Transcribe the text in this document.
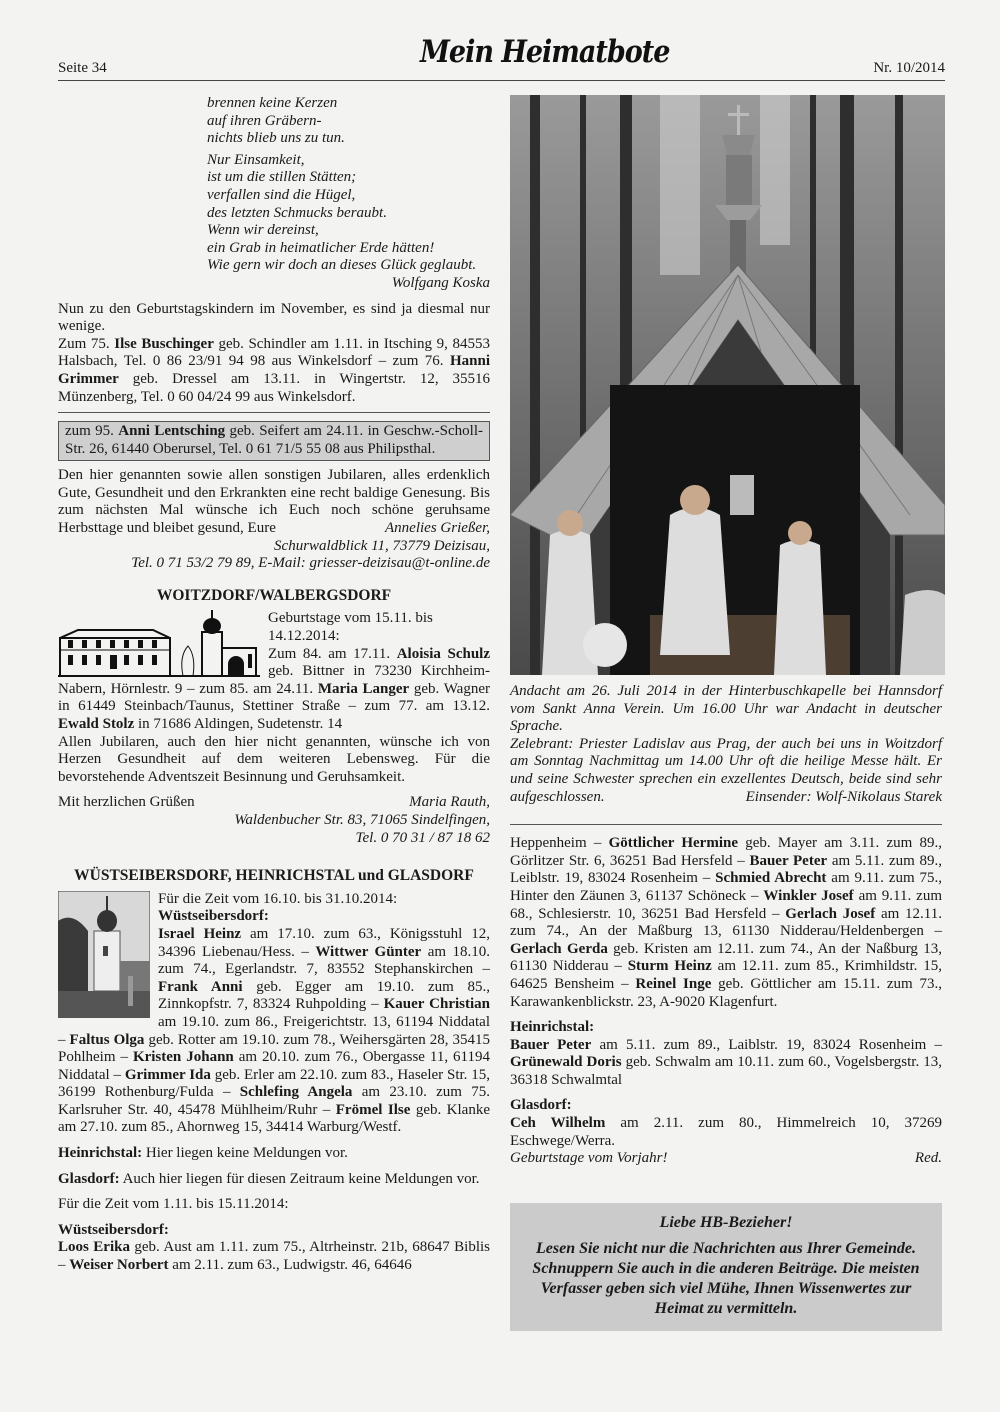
Seite 34	Mein Heimatbote	Nr. 10/2014
brennen keine Kerzen
auf ihren Gräbern-
nichts blieb uns zu tun.
Nur Einsamkeit,
ist um die stillen Stätten;
verfallen sind die Hügel,
des letzten Schmucks beraubt.
Wenn wir dereinst,
ein Grab in heimatlicher Erde hätten!
Wie gern wir doch an dieses Glück geglaubt.
Wolfgang Koska

Nun zu den Geburtstagskindern im November, es sind ja diesmal nur wenige.

Zum 75. Ilse Buschinger geb. Schindler am 1.11. in Itsching 9, 84553 Halsbach, Tel. 0 86 23/91 94 98 aus Winkelsdorf – zum 76. Hanni Grimmer geb. Dressel am 13.11. in Wingertstr. 12, 35516 Münzenberg, Tel. 0 60 04/24 99 aus Winkelsdorf.

zum 95. Anni Lentsching geb. Seifert am 24.11. in Geschw.-Scholl-Str. 26, 61440 Oberursel, Tel. 0 61 71/5 55 08 aus Philipsthal.

Den hier genannten sowie allen sonstigen Jubilaren, alles erdenklich Gute, Gesundheit und den Erkrankten eine recht baldige Genesung. Bis zum nächsten Mal wünsche ich Euch noch schöne geruhsame Herbsttage und bleibet gesund, Eure	Annelies Grießer,

Schurwaldblick 11, 73779 Deizisau,
Tel. 0 71 53/2 79 89, E-Mail: griesser-deizisau@t-online.de
WOITZDORF/WALBERGSDORF

Geburtstage vom 15.11. bis 14.12.2014:

Zum 84. am 17.11. Aloisia Schulz geb. Bittner in 73230 Kirchheim-Nabern, Hörnlestr. 9 – zum 85. am 24.11. Maria Langer geb. Wagner in 61449 Steinbach/Taunus, Stettiner Straße – zum 77. am 13.12. Ewald Stolz in 71686 Aldingen, Sudetenstr. 14

Allen Jubilaren, auch den hier nicht genannten, wünsche ich von Herzen Gesundheit auf dem weiteren Lebensweg. Für die bevorstehende Adventszeit Besinnung und Geruhsamkeit.

Mit herzlichen Grüßen	Maria Rauth,
Waldenbucher Str. 83, 71065 Sindelfingen,
Tel. 0 70 31 / 87 18 62
WÜSTSEIBERSDORF, HEINRICHSTAL und GLASDORF

Für die Zeit vom 16.10. bis 31.10.2014:

Wüstseibersdorf:

Israel Heinz am 17.10. zum 63., Königsstuhl 12, 34396 Liebenau/Hess. – Wittwer Günter am 18.10. zum 74., Egerlandstr. 7, 83552 Stephanskirchen – Frank Anni geb. Egger am 19.10. zum 85., Zinnkopfstr. 7, 83324 Ruhpolding – Kauer Christian am 19.10. zum 86., Freigerichtstr. 13, 61194 Niddatal – Faltus Olga geb. Rotter am 19.10. zum 78., Weihersgärten 28, 35415 Pohlheim – Kristen Johann am 20.10. zum 76., Obergasse 11, 61194 Niddatal – Grimmer Ida geb. Erler am 22.10. zum 83., Haseler Str. 15, 36199 Rothenburg/Fulda – Schlefing Angela am 23.10. zum 75. Karlsruher Str. 40, 45478 Mühlheim/Ruhr – Frömel Ilse geb. Klanke am 27.10. zum 85., Ahornweg 15, 34414 Warburg/Westf.

Heinrichstal: Hier liegen keine Meldungen vor.

Glasdorf: Auch hier liegen für diesen Zeitraum keine Meldungen vor.

Für die Zeit vom 1.11. bis 15.11.2014:

Wüstseibersdorf:

Loos Erika geb. Aust am 1.11. zum 75., Altrheinstr. 21b, 68647 Biblis – Weiser Norbert am 2.11. zum 63., Ludwigstr. 46, 64646

Andacht am 26. Juli 2014 in der Hinterbuschkapelle bei Hannsdorf vom Sankt Anna Verein. Um 16.00 Uhr war Andacht in deutscher Sprache.

Zelebrant: Priester Ladislav aus Prag, der auch bei uns in Woitzdorf am Sonntag Nachmittag um 14.00 Uhr oft die heilige Messe hält. Er und seine Schwester sprechen ein exzellentes Deutsch, beide sind sehr aufgeschlossen.	Einsender: Wolf-Nikolaus Starek

Heppenheim – Göttlicher Hermine geb. Mayer am 3.11. zum 89., Görlitzer Str. 6, 36251 Bad Hersfeld – Bauer Peter am 5.11. zum 89., Leiblstr. 19, 83024 Rosenheim – Schmied Abrecht am 9.11. zum 75., Hinter den Zäunen 3, 61137 Schöneck – Winkler Josef am 9.11. zum 68., Schlesierstr. 10, 36251 Bad Hersfeld – Gerlach Josef am 12.11. zum 74., An der Maßburg 13, 61130 Nidderau/Heldenbergen – Gerlach Gerda geb. Kristen am 12.11. zum 74., An der Naßburg 13, 61130 Nidderau – Sturm Heinz am 12.11. zum 85., Krimhildstr. 15, 64625 Bensheim – Reinel Inge geb. Göttlicher am 15.11. zum 73., Karawankenblickstr. 23, A-9020 Klagenfurt.

Heinrichstal:

Bauer Peter am 5.11. zum 89., Laiblstr. 19, 83024 Rosenheim – Grünewald Doris geb. Schwalm am 10.11. zum 60., Vogelsbergstr. 13, 36318 Schwalmtal

Glasdorf:

Ceh Wilhelm am 2.11. zum 80., Himmelreich 10, 37269 Eschwege/Werra.

Geburtstage vom Vorjahr!	Red.
Liebe HB-Bezieher!
Lesen Sie nicht nur die Nachrichten aus Ihrer Gemeinde. Schnuppern Sie auch in die anderen Beiträge. Die meisten Verfasser geben sich viel Mühe, Ihnen Wissenwertes zur Heimat zu vermitteln.
